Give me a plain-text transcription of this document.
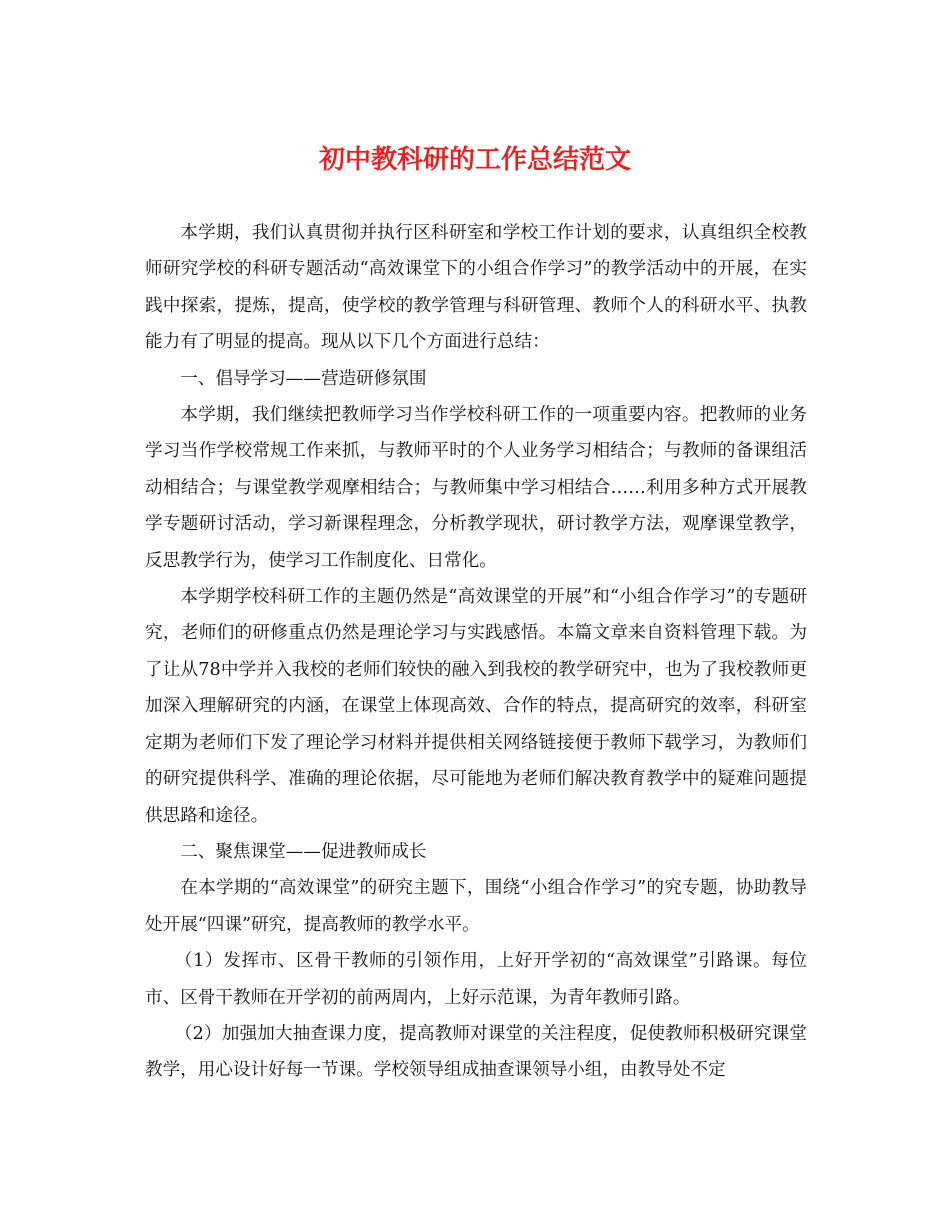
初中教科研的工作总结范文

本学期，我们认真贯彻并执行区科研室和学校工作计划的要求，认真组织全校教师研究学校的科研专题活动“高效课堂下的小组合作学习”的教学活动中的开展，在实践中探索，提炼，提高，使学校的教学管理与科研管理、教师个人的科研水平、执教能力有了明显的提高。现从以下几个方面进行总结：

一、倡导学习——营造研修氛围

本学期，我们继续把教师学习当作学校科研工作的一项重要内容。把教师的业务学习当作学校常规工作来抓，与教师平时的个人业务学习相结合；与教师的备课组活动相结合；与课堂教学观摩相结合；与教师集中学习相结合……利用多种方式开展教学专题研讨活动，学习新课程理念，分析教学现状，研讨教学方法，观摩课堂教学，反思教学行为，使学习工作制度化、日常化。

本学期学校科研工作的主题仍然是“高效课堂的开展”和“小组合作学习”的专题研究，老师们的研修重点仍然是理论学习与实践感悟。本篇文章来自资料管理下载。为了让从78中学并入我校的老师们较快的融入到我校的教学研究中，也为了我校教师更加深入理解研究的内涵，在课堂上体现高效、合作的特点，提高研究的效率，科研室定期为老师们下发了理论学习材料并提供相关网络链接便于教师下载学习，为教师们的研究提供科学、准确的理论依据，尽可能地为老师们解决教育教学中的疑难问题提供思路和途径。

二、聚焦课堂——促进教师成长

在本学期的“高效课堂”的研究主题下，围绕“小组合作学习”的究专题，协助教导处开展“四课”研究，提高教师的教学水平。

（1）发挥市、区骨干教师的引领作用，上好开学初的“高效课堂”引路课。每位市、区骨干教师在开学初的前两周内，上好示范课，为青年教师引路。

（2）加强加大抽查课力度，提高教师对课堂的关注程度，促使教师积极研究课堂教学，用心设计好每一节课。学校领导组成抽查课领导小组，由教导处不定
